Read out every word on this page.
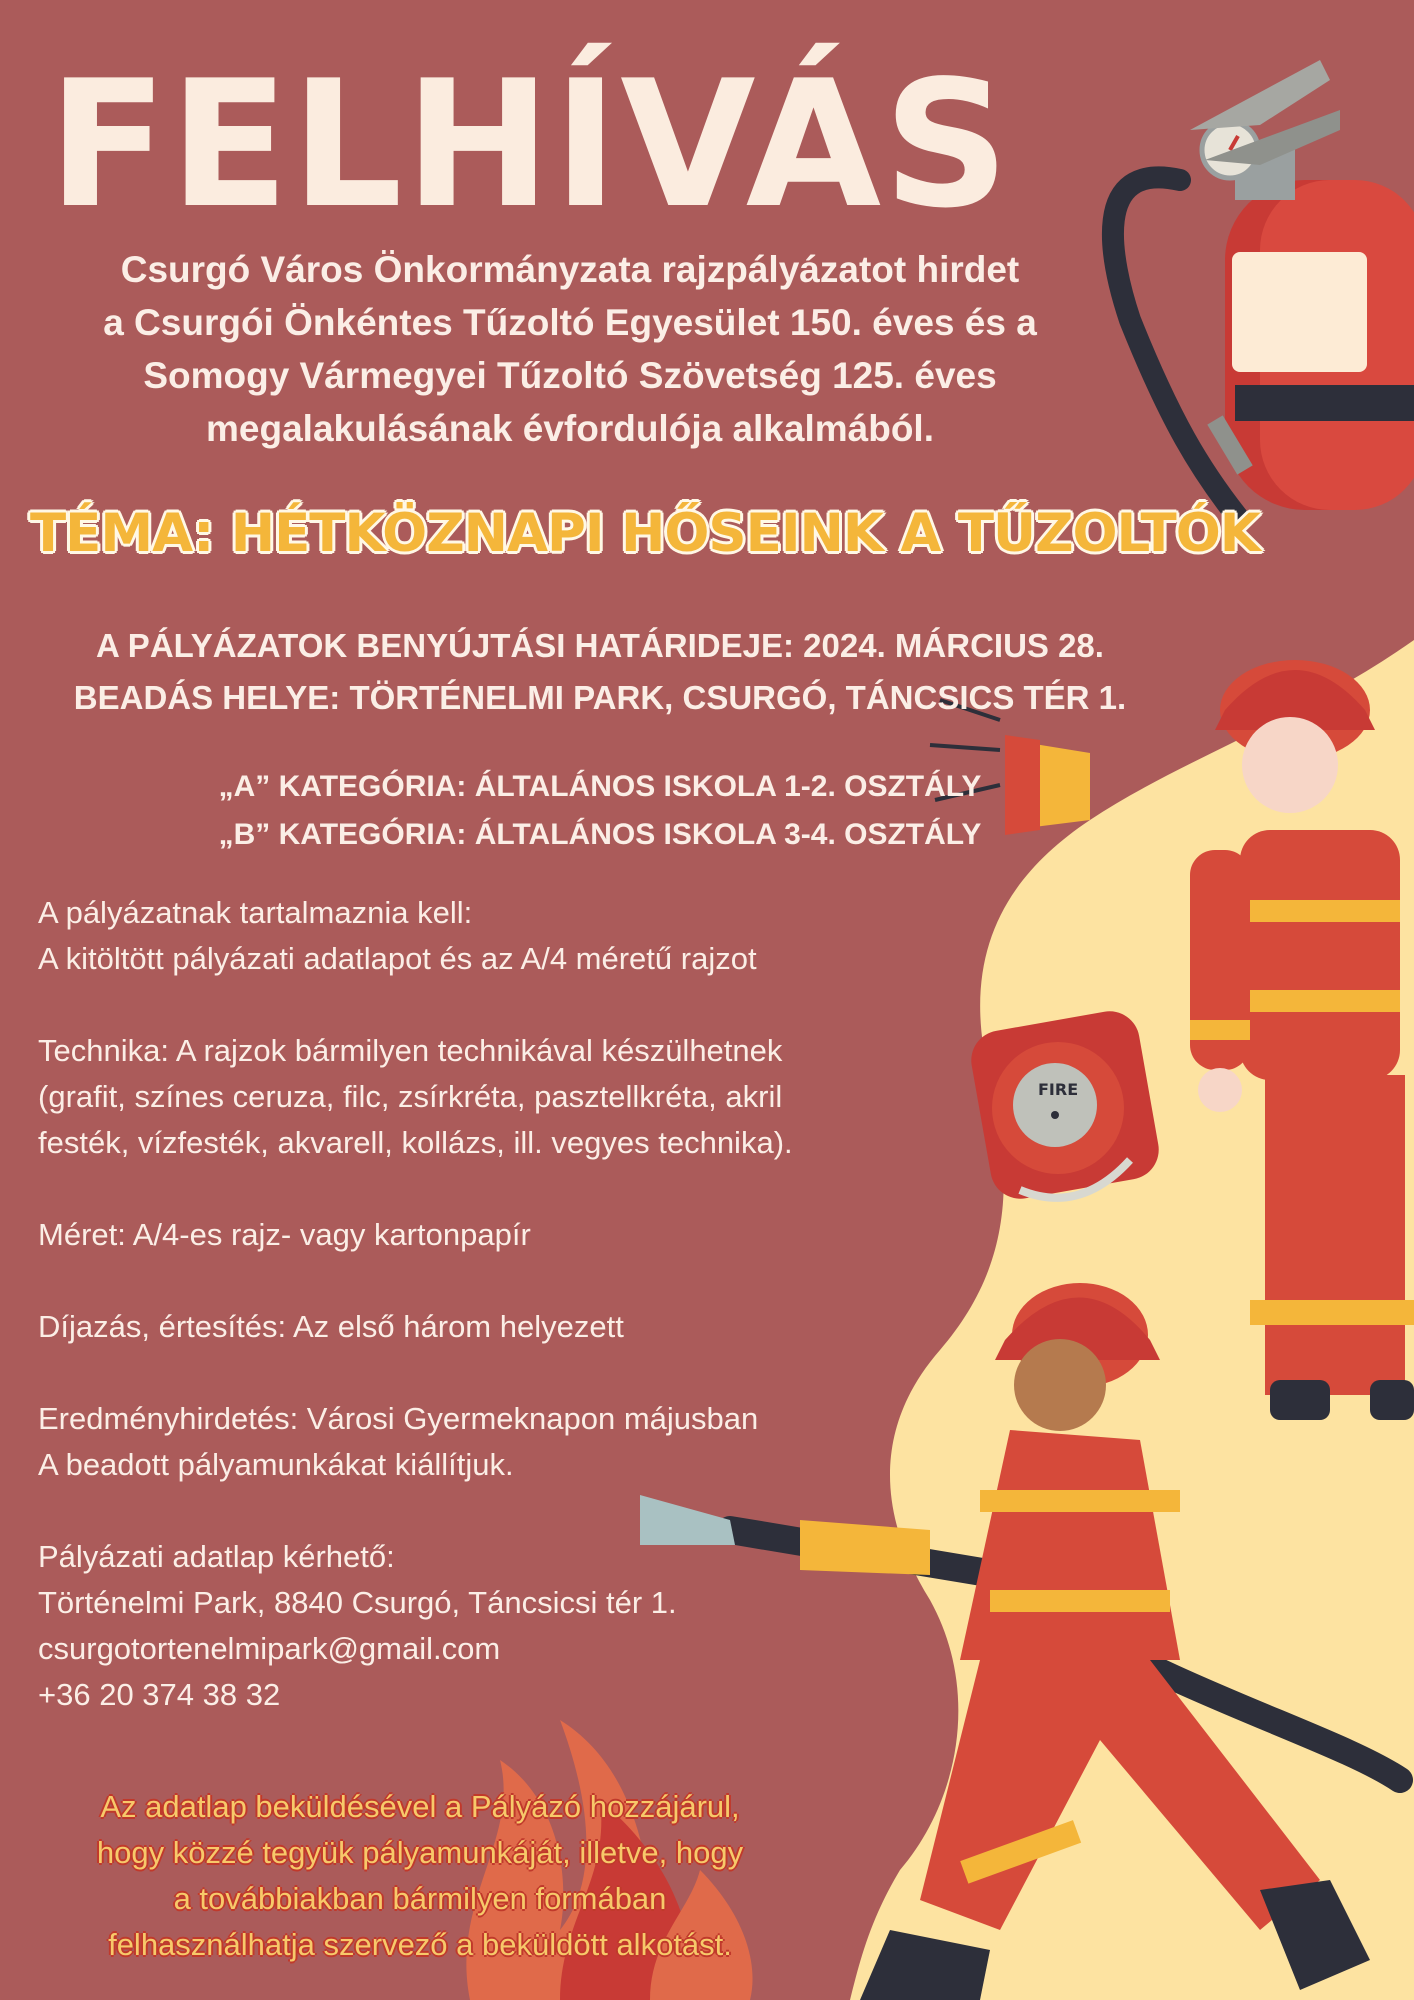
FIRE
FELHÍVÁS
Csurgó Város Önkormányzata rajzpályázatot hirdet
a Csurgói Önkéntes Tűzoltó Egyesület 150. éves és a
Somogy Vármegyei Tűzoltó Szövetség 125. éves
megalakulásának évfordulója alkalmából.
TÉMA: HÉTKÖZNAPI HŐSEINK A TŰZOLTÓK
A PÁLYÁZATOK BENYÚJTÁSI HATÁRIDEJE: 2024. MÁRCIUS 28.
BEADÁS HELYE: TÖRTÉNELMI PARK, CSURGÓ, TÁNCSICS TÉR 1.
„A” KATEGÓRIA: ÁLTALÁNOS ISKOLA 1-2. OSZTÁLY
„B” KATEGÓRIA: ÁLTALÁNOS ISKOLA 3-4. OSZTÁLY

A pályázatnak tartalmaznia kell:
A kitöltött pályázati adatlapot és az A/4 méretű rajzot

Technika: A rajzok bármilyen technikával készülhetnek
(grafit, színes ceruza, filc, zsírkréta, pasztellkréta, akril
festék, vízfesték, akvarell, kollázs, ill. vegyes technika).

Méret: A/4-es rajz- vagy kartonpapír

Díjazás, értesítés: Az első három helyezett

Eredményhirdetés: Városi Gyermeknapon májusban
A beadott pályamunkákat kiállítjuk.

Pályázati adatlap kérhető:
Történelmi Park, 8840 Csurgó, Táncsicsi tér 1.
csurgotortenelmipark@gmail.com
+36 20 374 38 32

Az adatlap beküldésével a Pályázó hozzájárul,
hogy közzé tegyük pályamunkáját, illetve, hogy
a továbbiakban bármilyen formában
felhasználhatja szervező a beküldött alkotást.
